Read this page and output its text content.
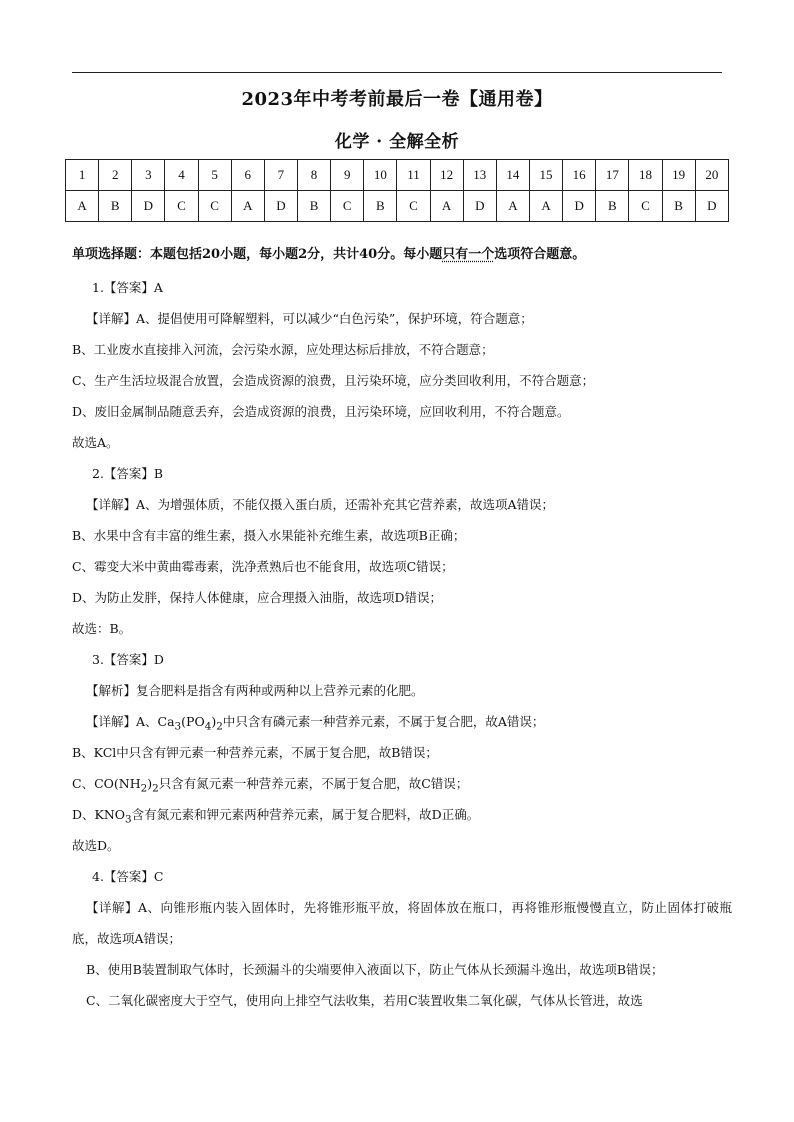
2023年中考考前最后一卷【通用卷】
化学 · 全解全析
1	2	3	4	5	6	7	8	9	10	11	12	13	14	15	16	17	18	19	20
A	B	D	C	C	A	D	B	C	B	C	A	D	A	A	D	B	C	B	D
单项选择题：本题包括20小题，每小题2分，共计40分。每小题只有一个选项符合题意。
1.【答案】A
【详解】A、提倡使用可降解塑料，可以减少“白色污染”，保护环境，符合题意；
B、工业废水直接排入河流，会污染水源，应处理达标后排放，不符合题意；
C、生产生活垃圾混合放置，会造成资源的浪费，且污染环境，应分类回收利用，不符合题意；
D、废旧金属制品随意丢弃，会造成资源的浪费，且污染环境，应回收利用，不符合题意。
故选A。
2.【答案】B
【详解】A、为增强体质，不能仅摄入蛋白质，还需补充其它营养素，故选项A错误；
B、水果中含有丰富的维生素，摄入水果能补充维生素，故选项B正确；
C、霉变大米中黄曲霉毒素，洗净煮熟后也不能食用，故选项C错误；
D、为防止发胖，保持人体健康，应合理摄入油脂，故选项D错误；
故选：B。
3.【答案】D
【解析】复合肥料是指含有两种或两种以上营养元素的化肥。
【详解】A、$Ca_3(PO_4)_2$中只含有磷元素一种营养元素，不属于复合肥，故A错误；
B、KCl中只含有钾元素一种营养元素，不属于复合肥，故B错误；
C、$CO(NH_2)_2$只含有氮元素一种营养元素，不属于复合肥，故C错误；
D、$KNO_3$含有氮元素和钾元素两种营养元素，属于复合肥料，故D正确。
故选D。
4.【答案】C
【详解】A、向锥形瓶内装入固体时，先将锥形瓶平放，将固体放在瓶口，再将锥形瓶慢慢直立，防止固体打破瓶底，故选项A错误；
B、使用B装置制取气体时，长颈漏斗的尖端要伸入液面以下，防止气体从长颈漏斗逸出，故选项B错误；
C、二氧化碳密度大于空气，使用向上排空气法收集，若用C装置收集二氧化碳，气体从长管进，故选
